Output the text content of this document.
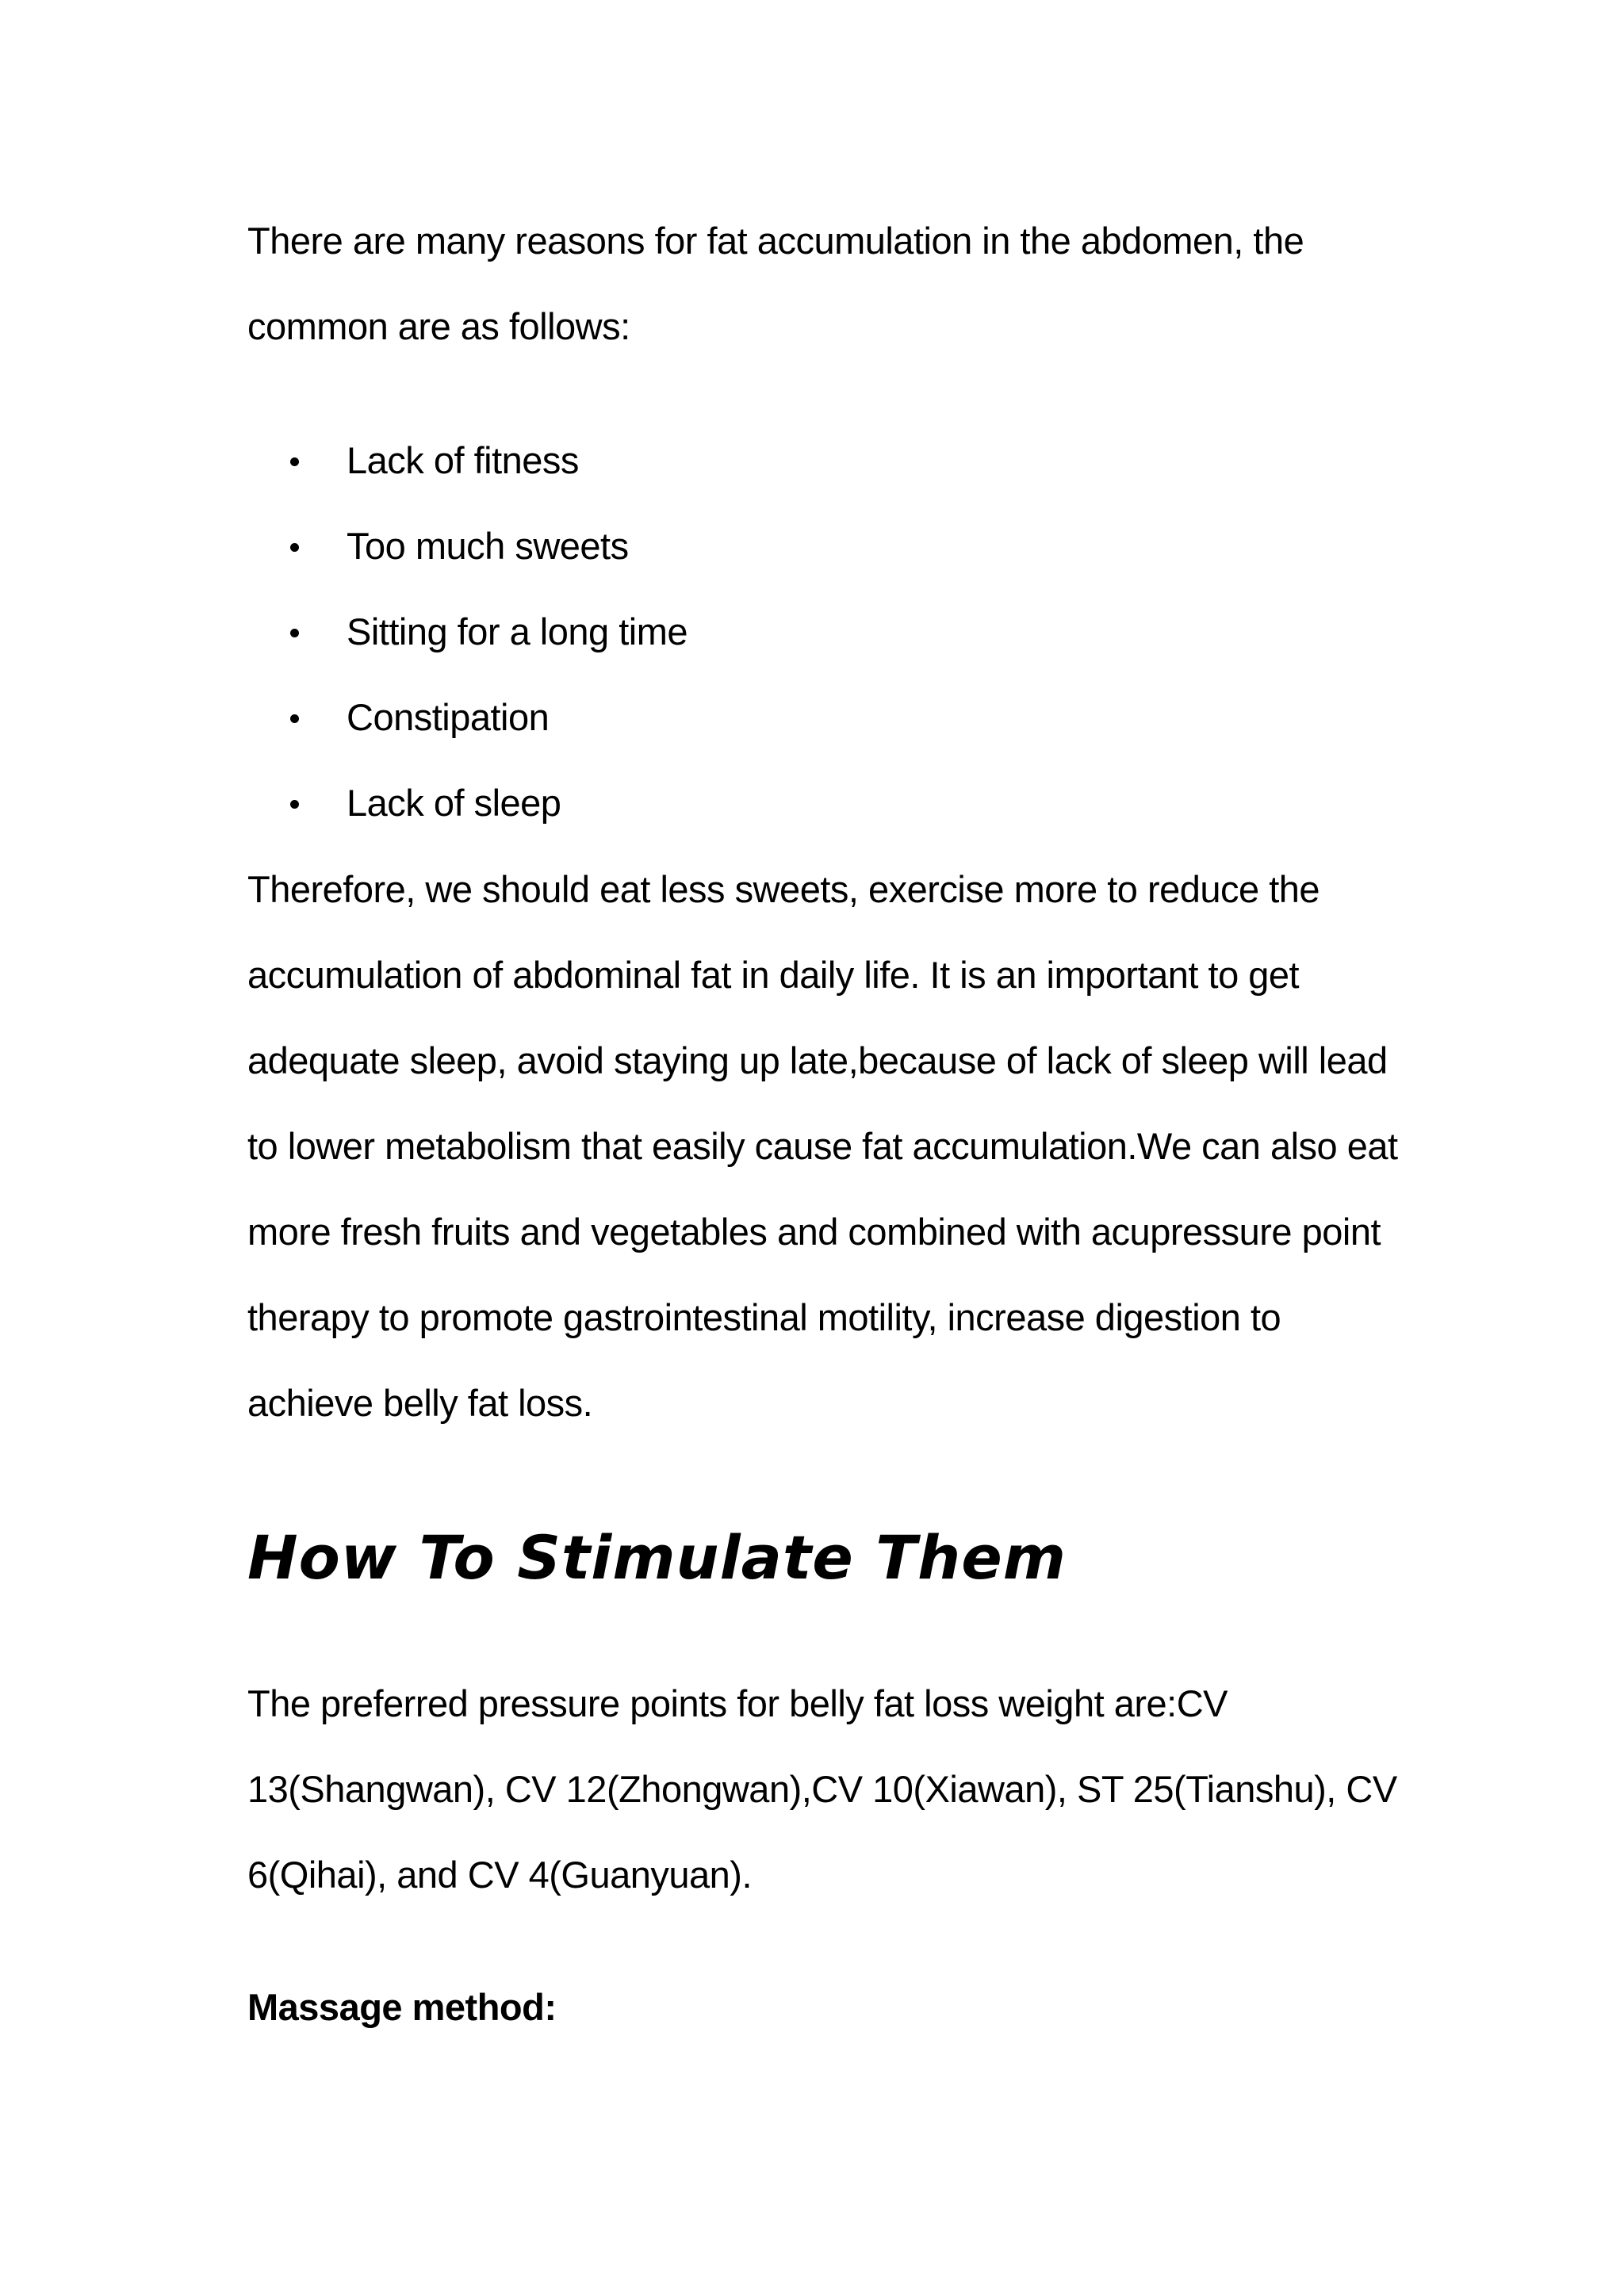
There are many reasons for fat accumulation in the abdomen, the common are as follows:

Lack of fitness
Too much sweets
Sitting for a long time
Constipation
Lack of sleep

Therefore, we should eat less sweets, exercise more to reduce the accumulation of abdominal fat in daily life. It is an important to get adequate sleep, avoid staying up late,because of lack of sleep will lead to lower metabolism that easily cause fat accumulation.We can also eat more fresh fruits and vegetables and combined with acupressure point therapy to promote gastrointestinal motility, increase digestion to achieve belly fat loss.

How To Stimulate Them

The preferred pressure points for belly fat loss weight are:CV 13(Shangwan), CV 12(Zhongwan),CV 10(Xiawan), ST 25(Tianshu), CV 6(Qihai), and CV 4(Guanyuan).

Massage method:
